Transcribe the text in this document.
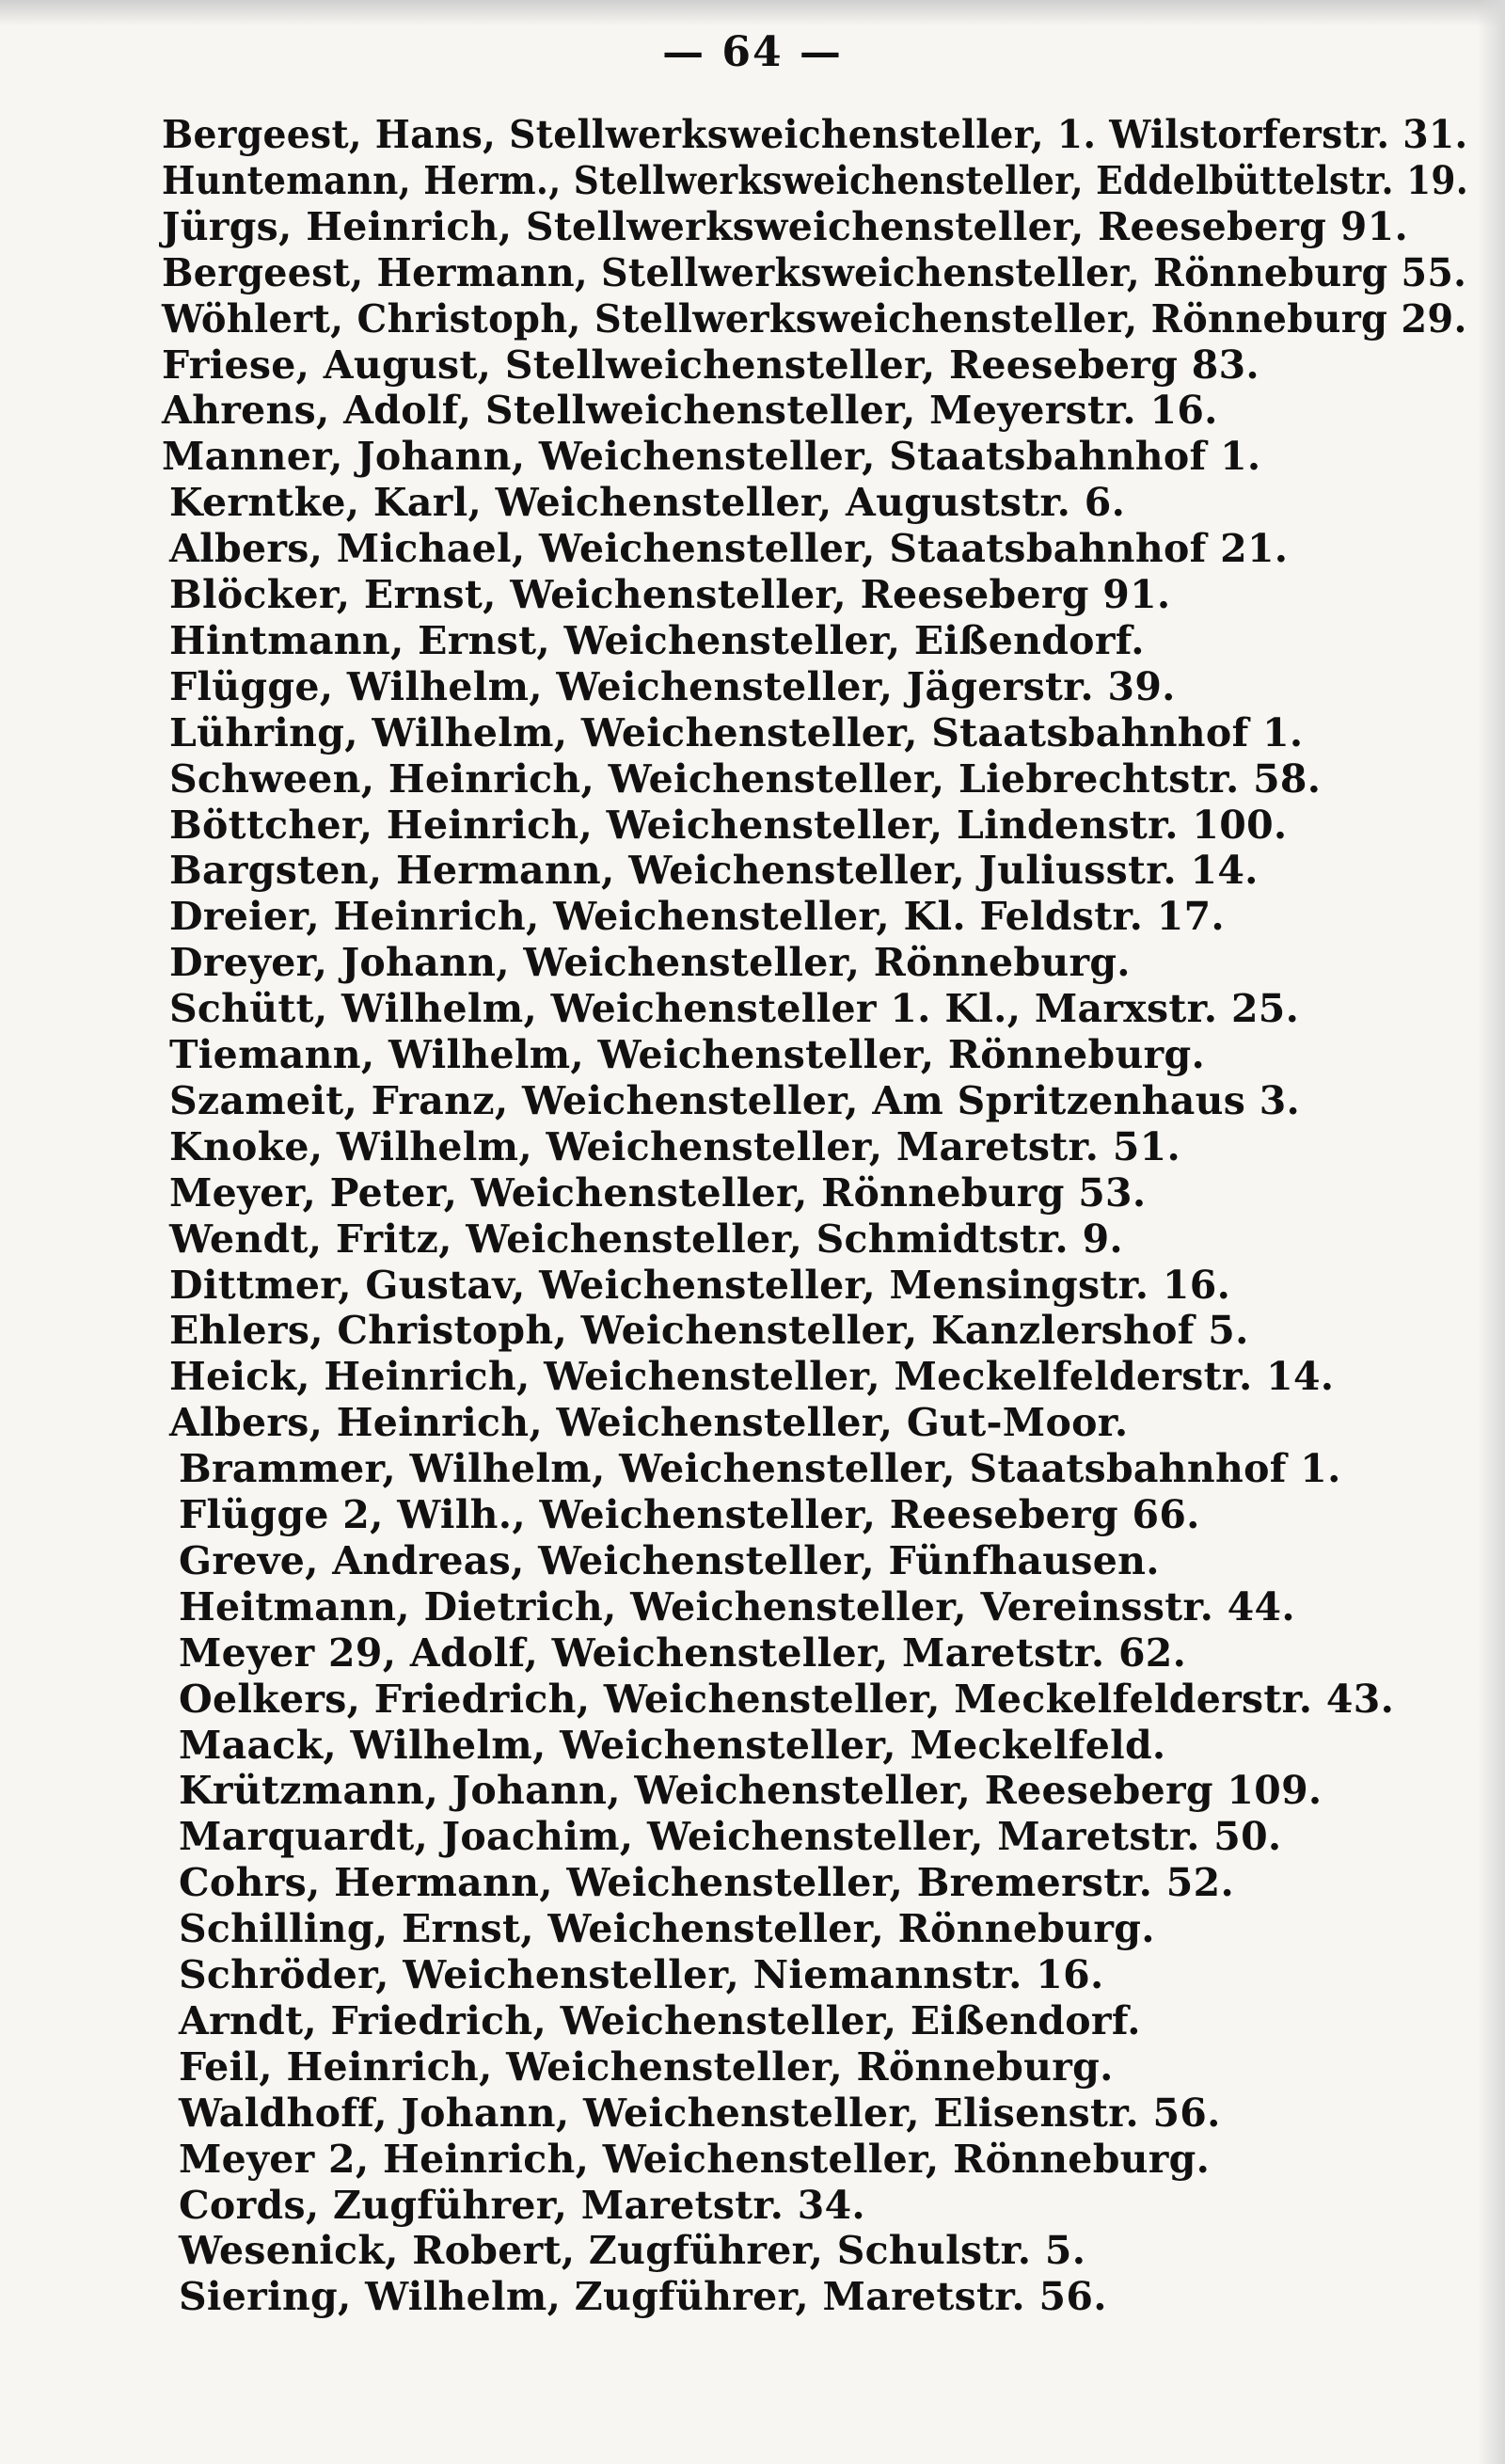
— 64 —
Bergeest, Hans, Stellwerksweichensteller, 1. Wilstorferstr. 31.
Huntemann, Herm., Stellwerksweichensteller, Eddelbüttelstr. 19.
Jürgs, Heinrich, Stellwerksweichensteller, Reeseberg 91.
Bergeest, Hermann, Stellwerksweichensteller, Rönneburg 55.
Wöhlert, Christoph, Stellwerksweichensteller, Rönneburg 29.
Friese, August, Stellweichensteller, Reeseberg 83.
Ahrens, Adolf, Stellweichensteller, Meyerstr. 16.
Manner, Johann, Weichensteller, Staatsbahnhof 1.
Kerntke, Karl, Weichensteller, Auguststr. 6.
Albers, Michael, Weichensteller, Staatsbahnhof 21.
Blöcker, Ernst, Weichensteller, Reeseberg 91.
Hintmann, Ernst, Weichensteller, Eißendorf.
Flügge, Wilhelm, Weichensteller, Jägerstr. 39.
Lühring, Wilhelm, Weichensteller, Staatsbahnhof 1.
Schween, Heinrich, Weichensteller, Liebrechtstr. 58.
Böttcher, Heinrich, Weichensteller, Lindenstr. 100.
Bargsten, Hermann, Weichensteller, Juliusstr. 14.
Dreier, Heinrich, Weichensteller, Kl. Feldstr. 17.
Dreyer, Johann, Weichensteller, Rönneburg.
Schütt, Wilhelm, Weichensteller 1. Kl., Marxstr. 25.
Tiemann, Wilhelm, Weichensteller, Rönneburg.
Szameit, Franz, Weichensteller, Am Spritzenhaus 3.
Knoke, Wilhelm, Weichensteller, Maretstr. 51.
Meyer, Peter, Weichensteller, Rönneburg 53.
Wendt, Fritz, Weichensteller, Schmidtstr. 9.
Dittmer, Gustav, Weichensteller, Mensingstr. 16.
Ehlers, Christoph, Weichensteller, Kanzlershof 5.
Heick, Heinrich, Weichensteller, Meckelfelderstr. 14.
Albers, Heinrich, Weichensteller, Gut-Moor.
Brammer, Wilhelm, Weichensteller, Staatsbahnhof 1.
Flügge 2, Wilh., Weichensteller, Reeseberg 66.
Greve, Andreas, Weichensteller, Fünfhausen.
Heitmann, Dietrich, Weichensteller, Vereinsstr. 44.
Meyer 29, Adolf, Weichensteller, Maretstr. 62.
Oelkers, Friedrich, Weichensteller, Meckelfelderstr. 43.
Maack, Wilhelm, Weichensteller, Meckelfeld.
Krützmann, Johann, Weichensteller, Reeseberg 109.
Marquardt, Joachim, Weichensteller, Maretstr. 50.
Cohrs, Hermann, Weichensteller, Bremerstr. 52.
Schilling, Ernst, Weichensteller, Rönneburg.
Schröder, Weichensteller, Niemannstr. 16.
Arndt, Friedrich, Weichensteller, Eißendorf.
Feil, Heinrich, Weichensteller, Rönneburg.
Waldhoff, Johann, Weichensteller, Elisenstr. 56.
Meyer 2, Heinrich, Weichensteller, Rönneburg.
Cords, Zugführer, Maretstr. 34.
Wesenick, Robert, Zugführer, Schulstr. 5.
Siering, Wilhelm, Zugführer, Maretstr. 56.
